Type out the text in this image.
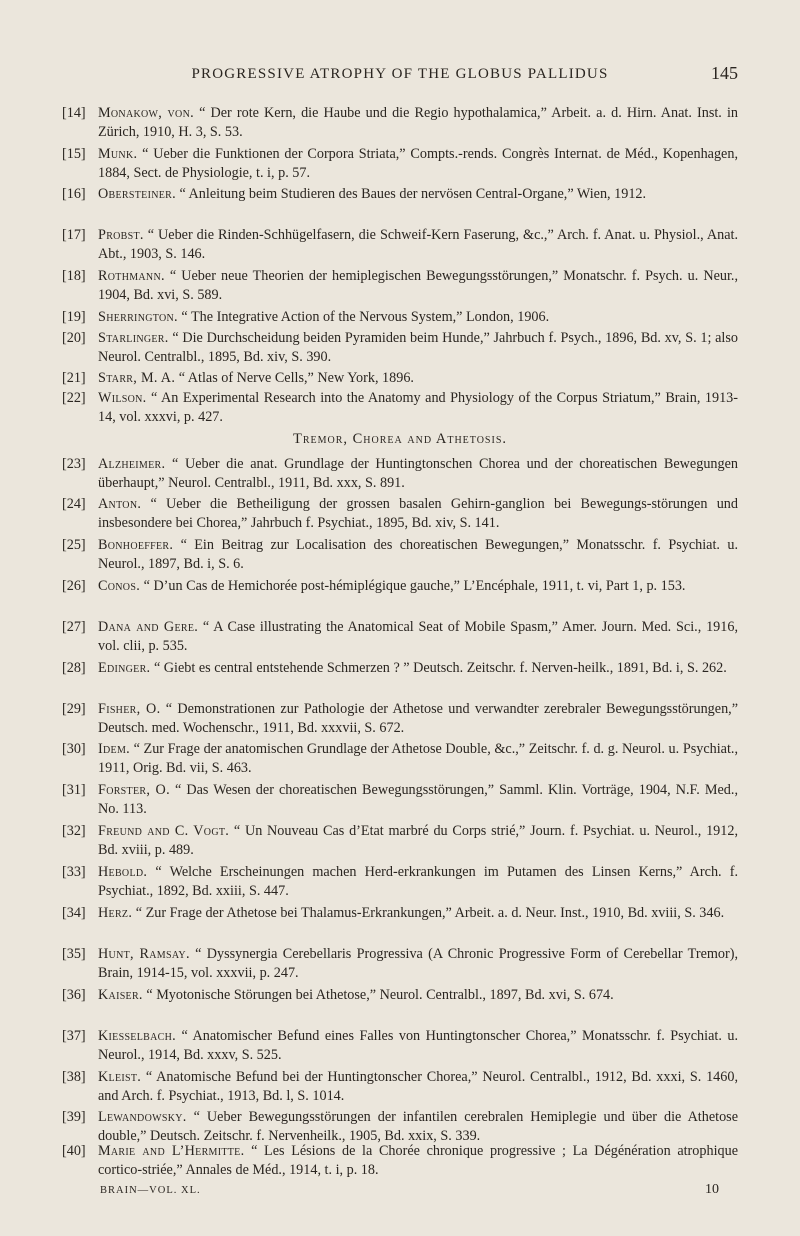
PROGRESSIVE ATROPHY OF THE GLOBUS PALLIDUS	145
[14] Monakow, von. “ Der rote Kern, die Haube und die Regio hypothalamica,” Arbeit. a. d. Hirn. Anat. Inst. in Zürich, 1910, H. 3, S. 53.
[15] Munk. “ Ueber die Funktionen der Corpora Striata,” Compts.-rends. Congrès Internat. de Méd., Kopenhagen, 1884, Sect. de Physiologie, t. i, p. 57.
[16] Obersteiner. “ Anleitung beim Studieren des Baues der nervösen Central-Organe,” Wien, 1912.
[17] Probst. “ Ueber die Rinden-Schhügelfasern, die Schweif-Kern Faserung, &c.,” Arch. f. Anat. u. Physiol., Anat. Abt., 1903, S. 146.
[18] Rothmann. “ Ueber neue Theorien der hemiplegischen Bewegungsstörungen,” Monatschr. f. Psych. u. Neur., 1904, Bd. xvi, S. 589.
[19] Sherrington. “ The Integrative Action of the Nervous System,” London, 1906.
[20] Starlinger. “ Die Durchscheidung beiden Pyramiden beim Hunde,” Jahrbuch f. Psych., 1896, Bd. xv, S. 1; also Neurol. Centralbl., 1895, Bd. xiv, S. 390.
[21] Starr, M. A. “ Atlas of Nerve Cells,” New York, 1896.
[22] Wilson. “ An Experimental Research into the Anatomy and Physiology of the Corpus Striatum,” Brain, 1913-14, vol. xxxvi, p. 427.
Tremor, Chorea and Athetosis.
[23] Alzheimer. “ Ueber die anat. Grundlage der Huntingtonschen Chorea und der choreatischen Bewegungen überhaupt,” Neurol. Centralbl., 1911, Bd. xxx, S. 891.
[24] Anton. “ Ueber die Betheiligung der grossen basalen Gehirn-ganglion bei Bewegungs-störungen und insbesondere bei Chorea,” Jahrbuch f. Psychiat., 1895, Bd. xiv, S. 141.
[25] Bonhoeffer. “ Ein Beitrag zur Localisation des choreatischen Bewegungen,” Monatsschr. f. Psychiat. u. Neurol., 1897, Bd. i, S. 6.
[26] Conos. “ D’un Cas de Hemichorée post-hémiplégique gauche,” L’Encéphale, 1911, t. vi, Part 1, p. 153.
[27] Dana and Gere. “ A Case illustrating the Anatomical Seat of Mobile Spasm,” Amer. Journ. Med. Sci., 1916, vol. clii, p. 535.
[28] Edinger. “ Giebt es central entstehende Schmerzen ? ” Deutsch. Zeitschr. f. Nerven-heilk., 1891, Bd. i, S. 262.
[29] Fisher, O. “ Demonstrationen zur Pathologie der Athetose und verwandter zerebraler Bewegungsstörungen,” Deutsch. med. Wochenschr., 1911, Bd. xxxvii, S. 672.
[30] Idem. “ Zur Frage der anatomischen Grundlage der Athetose Double, &c.,” Zeitschr. f. d. g. Neurol. u. Psychiat., 1911, Orig. Bd. vii, S. 463.
[31] Forster, O. “ Das Wesen der choreatischen Bewegungsstörungen,” Samml. Klin. Vorträge, 1904, N.F. Med., No. 113.
[32] Freund and C. Vogt. “ Un Nouveau Cas d’Etat marbré du Corps strié,” Journ. f. Psychiat. u. Neurol., 1912, Bd. xviii, p. 489.
[33] Hebold. “ Welche Erscheinungen machen Herd-erkrankungen im Putamen des Linsen Kerns,” Arch. f. Psychiat., 1892, Bd. xxiii, S. 447.
[34] Herz. “ Zur Frage der Athetose bei Thalamus-Erkrankungen,” Arbeit. a. d. Neur. Inst., 1910, Bd. xviii, S. 346.
[35] Hunt, Ramsay. “ Dyssynergia Cerebellaris Progressiva (A Chronic Progressive Form of Cerebellar Tremor), Brain, 1914-15, vol. xxxvii, p. 247.
[36] Kaiser. “ Myotonische Störungen bei Athetose,” Neurol. Centralbl., 1897, Bd. xvi, S. 674.
[37] Kiesselbach. “ Anatomischer Befund eines Falles von Huntingtonscher Chorea,” Monatsschr. f. Psychiat. u. Neurol., 1914, Bd. xxxv, S. 525.
[38] Kleist. “ Anatomische Befund bei der Huntingtonscher Chorea,” Neurol. Centralbl., 1912, Bd. xxxi, S. 1460, and Arch. f. Psychiat., 1913, Bd. l, S. 1014.
[39] Lewandowsky. “ Ueber Bewegungsstörungen der infantilen cerebralen Hemiplegie und über die Athetose double,” Deutsch. Zeitschr. f. Nervenheilk., 1905, Bd. xxix, S. 339.
[40] Marie and L’Hermitte. “ Les Lésions de la Chorée chronique progressive ; La Dégénération atrophique cortico-striée,” Annales de Méd., 1914, t. i, p. 18.
BRAIN—VOL. XL.	10
